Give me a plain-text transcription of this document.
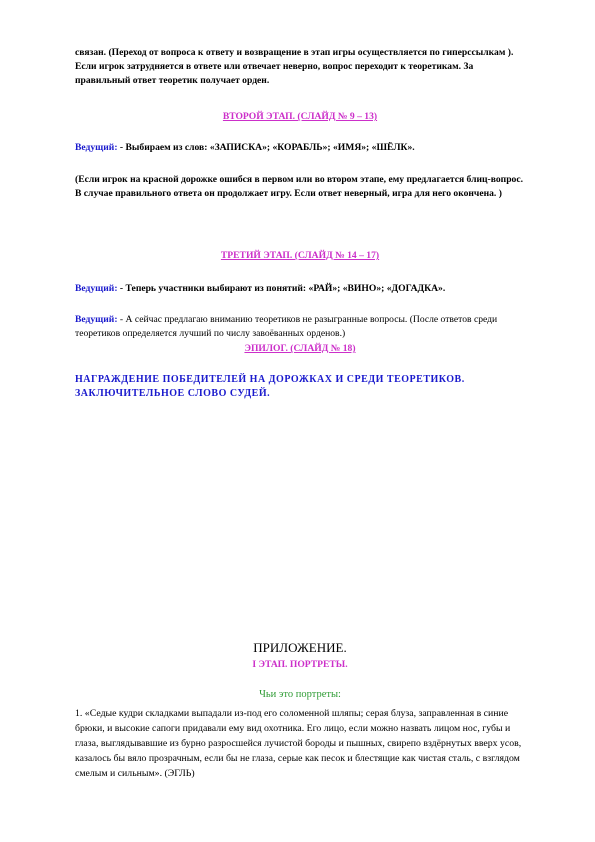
связан. (Переход от вопроса к ответу и возвращение в этап игры осуществляется по гиперссылкам ). Если игрок затрудняется в ответе или отвечает неверно, вопрос переходит к теоретикам. За правильный ответ теоретик получает орден.
ВТОРОЙ ЭТАП. (СЛАЙД № 9 – 13)
Ведущий: - Выбираем из слов: «ЗАПИСКА»; «КОРАБЛЬ»; «ИМЯ»; «ШЁЛК».
(Если игрок на красной дорожке ошибся в первом или во втором этапе, ему предлагается блиц-вопрос. В случае правильного ответа он продолжает игру. Если ответ неверный, игра для него окончена. )
ТРЕТИЙ ЭТАП. (СЛАЙД № 14 – 17)
Ведущий: - Теперь участники выбирают из понятий: «РАЙ»; «ВИНО»; «ДОГАДКА».
Ведущий: - А сейчас предлагаю вниманию теоретиков не разыгранные вопросы. (После ответов среди теоретиков определяется лучший по числу завоёванных орденов.)
ЭПИЛОГ. (СЛАЙД № 18)
НАГРАЖДЕНИЕ ПОБЕДИТЕЛЕЙ НА ДОРОЖКАХ И СРЕДИ ТЕОРЕТИКОВ. ЗАКЛЮЧИТЕЛЬНОЕ СЛОВО СУДЕЙ.
ПРИЛОЖЕНИЕ.
I ЭТАП. ПОРТРЕТЫ.
Чьи это портреты:
1. «Седые кудри складками выпадали из-под его соломенной шляпы; серая блуза, заправленная в синие брюки, и высокие сапоги придавали ему вид охотника. Его лицо, если можно назвать лицом нос, губы и глаза, выглядывавшие из бурно разросшейся лучистой бороды и пышных, свирепо вздёрнутых вверх усов, казалось бы вяло прозрачным, если бы не глаза, серые как песок и блестящие как чистая сталь, с взглядом смелым и сильным». (ЭГЛЬ)
